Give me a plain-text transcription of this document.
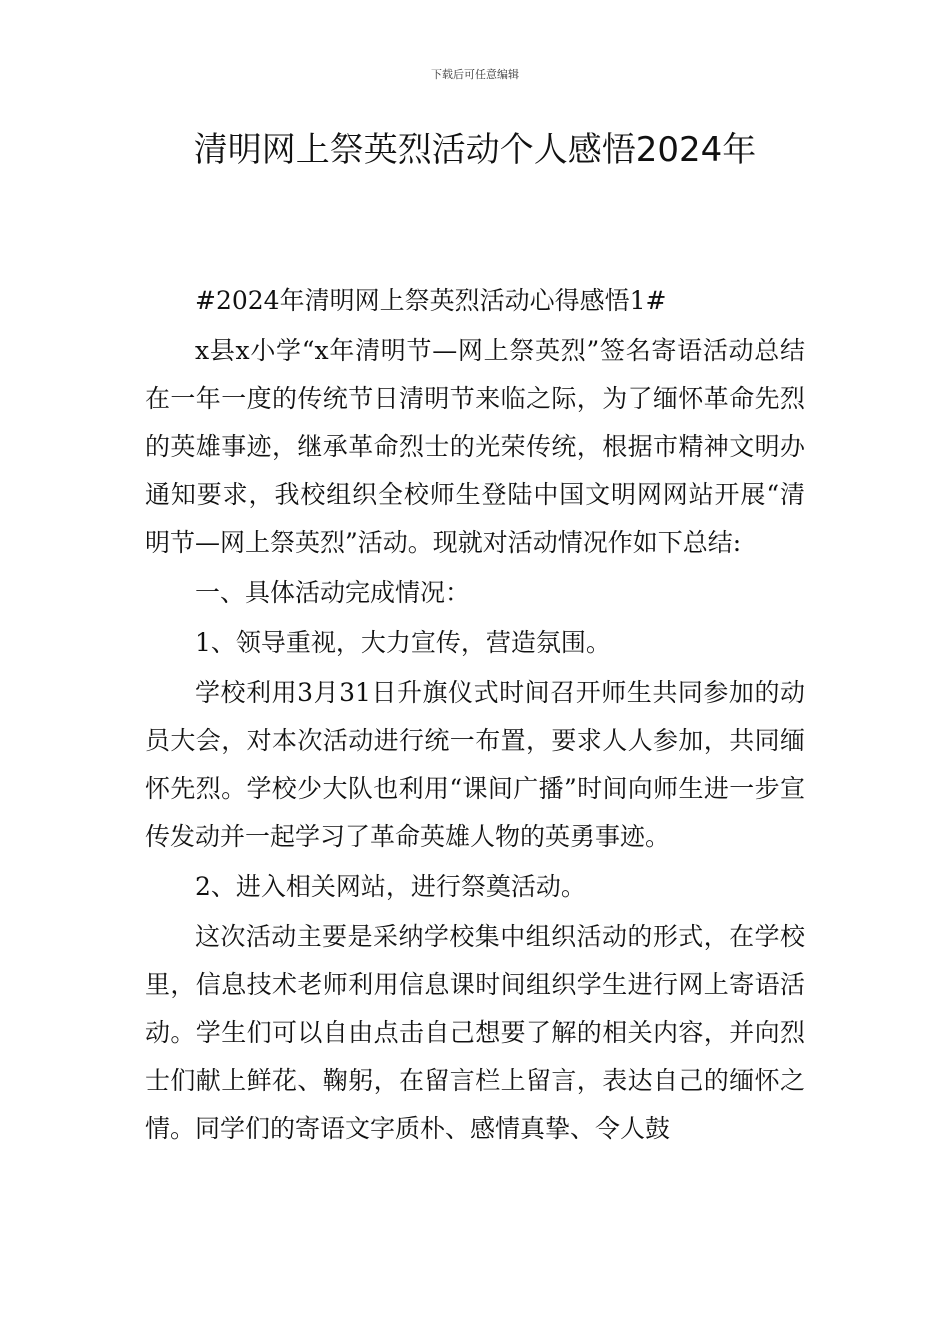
下载后可任意编辑
清明网上祭英烈活动个人感悟2024年

#2024年清明网上祭英烈活动心得感悟1#

x县x小学“x年清明节—网上祭英烈”签名寄语活动总结在一年一度的传统节日清明节来临之际，为了缅怀革命先烈的英雄事迹，继承革命烈士的光荣传统，根据市精神文明办通知要求，我校组织全校师生登陆中国文明网网站开展“清明节—网上祭英烈”活动。现就对活动情况作如下总结:

一、具体活动完成情况：

1、领导重视，大力宣传，营造氛围。

学校利用3月31日升旗仪式时间召开师生共同参加的动员大会，对本次活动进行统一布置，要求人人参加，共同缅怀先烈。学校少大队也利用“课间广播”时间向师生进一步宣传发动并一起学习了革命英雄人物的英勇事迹。

2、进入相关网站，进行祭奠活动。

这次活动主要是采纳学校集中组织活动的形式，在学校里，信息技术老师利用信息课时间组织学生进行网上寄语活动。学生们可以自由点击自己想要了解的相关内容，并向烈士们献上鲜花、鞠躬，在留言栏上留言，表达自己的缅怀之情。同学们的寄语文字质朴、感情真挚、令人鼓
